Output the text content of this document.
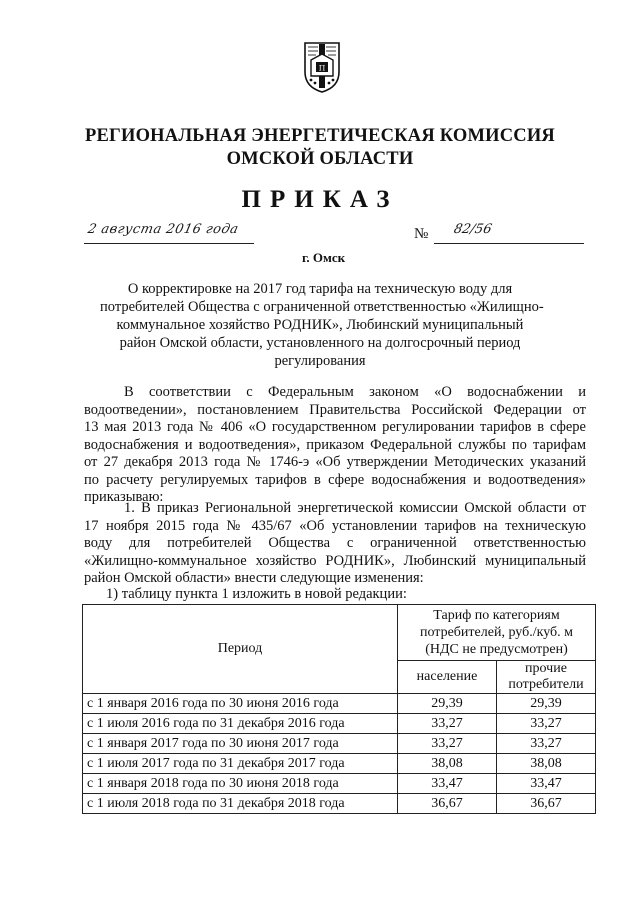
П
РЕГИОНАЛЬНАЯ ЭНЕРГЕТИЧЕСКАЯ КОМИССИЯ
ОМСКОЙ ОБЛАСТИ
ПРИКАЗ
2 августа 2016 года	№ 82/56
г. Омск
О корректировке на 2017 год тарифа на техническую воду для
потребителей Общества с ограниченной ответственностью «Жилищно-
коммунальное хозяйство РОДНИК», Любинский муниципальный
район Омской области, установленного на долгосрочный период
регулирования
В соответствии с Федеральным законом «О водоснабжении и
водоотведении», постановлением Правительства Российской Федерации от
13 мая 2013 года № 406 «О государственном регулировании тарифов в сфере
водоснабжения и водоотведения», приказом Федеральной службы по тарифам
от 27 декабря 2013 года № 1746-э «Об утверждении Методических указаний
по расчету регулируемых тарифов в сфере водоснабжения и водоотведения»
приказываю:
1. В приказ Региональной энергетической комиссии Омской области от
17 ноября 2015 года № 435/67 «Об установлении тарифов на техническую
воду для потребителей Общества с ограниченной ответственностью
«Жилищно-коммунальное хозяйство РОДНИК», Любинский муниципальный
район Омской области» внести следующие изменения:
1) таблицу пункта 1 изложить в новой редакции:
Период	Тариф по категориям потребителей, руб./куб. м (НДС не предусмотрен)	
	население	прочие потребители
с 1 января 2016 года по 30 июня 2016 года	29,39	29,39
с 1 июля 2016 года по 31 декабря 2016 года	33,27	33,27
с 1 января 2017 года по 30 июня 2017 года	33,27	33,27
с 1 июля 2017 года по 31 декабря 2017 года	38,08	38,08
с 1 января 2018 года по 30 июня 2018 года	33,47	33,47
с 1 июля 2018 года по 31 декабря 2018 года	36,67	36,67
